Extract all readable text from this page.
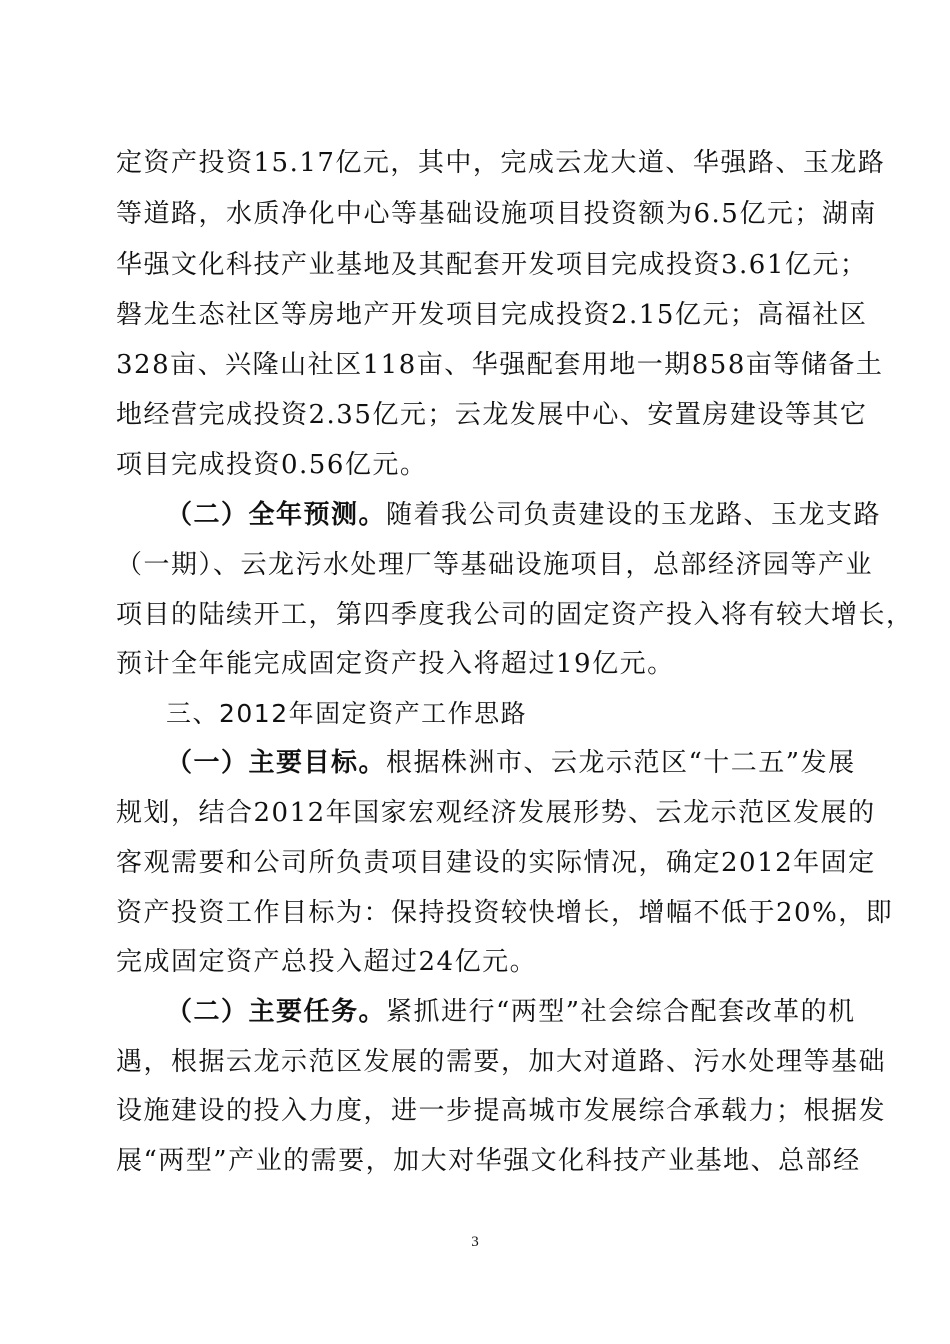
定资产投资15.17亿元，其中，完成云龙大道、华强路、玉龙路
等道路，水质净化中心等基础设施项目投资额为6.5亿元；湖南
华强文化科技产业基地及其配套开发项目完成投资3.61亿元；
磐龙生态社区等房地产开发项目完成投资2.15亿元；高福社区
328亩、兴隆山社区118亩、华强配套用地一期858亩等储备土
地经营完成投资2.35亿元；云龙发展中心、安置房建设等其它
项目完成投资0.56亿元。
（二）全年预测。随着我公司负责建设的玉龙路、玉龙支路
（一期）、云龙污水处理厂等基础设施项目，总部经济园等产业
项目的陆续开工，第四季度我公司的固定资产投入将有较大增长，
预计全年能完成固定资产投入将超过19亿元。
三、2012年固定资产工作思路
（一）主要目标。根据株洲市、云龙示范区“十二五”发展
规划，结合2012年国家宏观经济发展形势、云龙示范区发展的
客观需要和公司所负责项目建设的实际情况，确定2012年固定
资产投资工作目标为：保持投资较快增长，增幅不低于20%，即
完成固定资产总投入超过24亿元。
（二）主要任务。紧抓进行“两型”社会综合配套改革的机
遇，根据云龙示范区发展的需要，加大对道路、污水处理等基础
设施建设的投入力度，进一步提高城市发展综合承载力；根据发
展“两型”产业的需要，加大对华强文化科技产业基地、总部经
3
